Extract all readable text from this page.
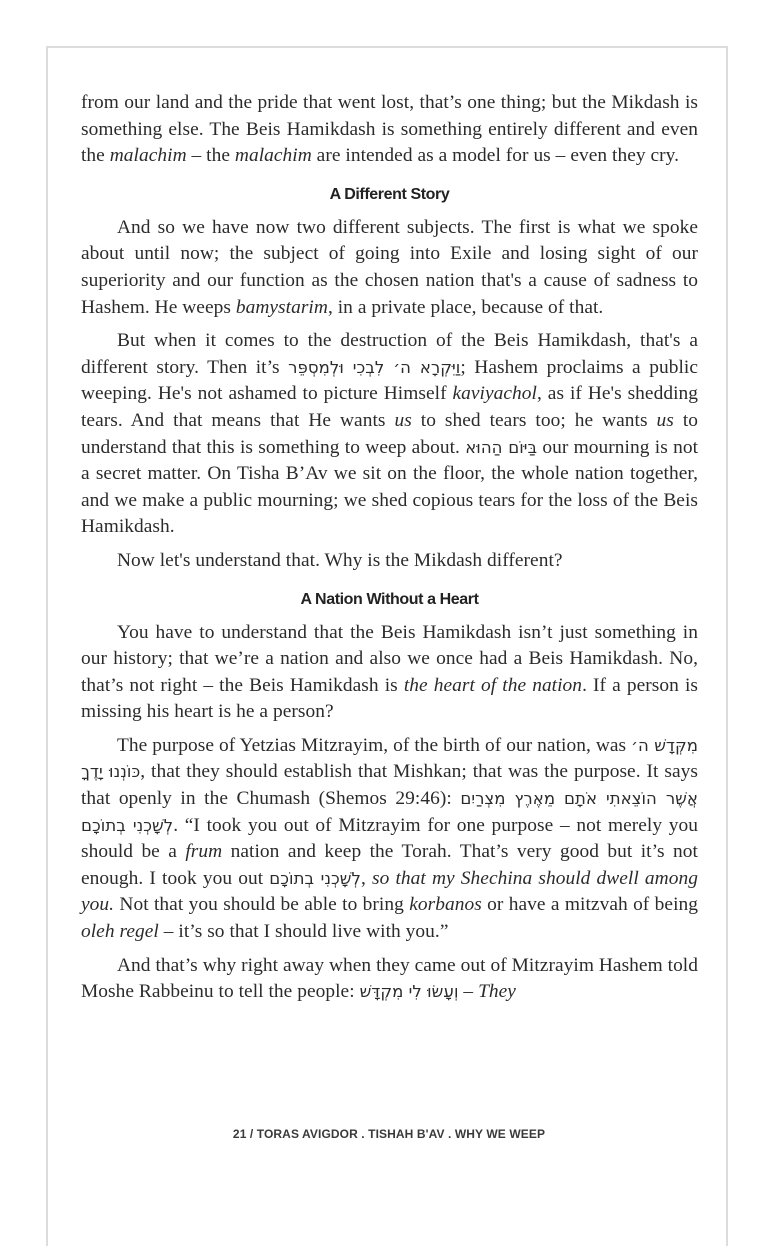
from our land and the pride that went lost, that’s one thing; but the Mikdash is something else. The Beis Hamikdash is something entirely different and even the malachim – the malachim are intended as a model for us – even they cry.

A Different Story

And so we have now two different subjects. The first is what we spoke about until now; the subject of going into Exile and losing sight of our superiority and our function as the chosen nation that's a cause of sadness to Hashem. He weeps bamystarim, in a private place, because of that.

But when it comes to the destruction of the Beis Hamikdash, that's a different story. Then it’s וַיִּקְרָא ה׳ לִבְכִי וּלְמִסְפֵּר; Hashem proclaims a public weeping. He's not ashamed to picture Himself kaviyachol, as if He's shedding tears. And that means that He wants us to shed tears too; he wants us to understand that this is something to weep about. בַּיּוֹם הַהוּא our mourning is not a secret matter. On Tisha B’Av we sit on the floor, the whole nation together, and we make a public mourning; we shed copious tears for the loss of the Beis Hamikdash.

Now let's understand that. Why is the Mikdash different?

A Nation Without a Heart

You have to understand that the Beis Hamikdash isn’t just something in our history; that we’re a nation and also we once had a Beis Hamikdash. No, that’s not right – the Beis Hamikdash is the heart of the nation. If a person is missing his heart is he a person?

The purpose of Yetzias Mitzrayim, of the birth of our nation, was מִקְּדָשׁ ה׳ כּוֹנְנוּ יָדֶךָ, that they should establish that Mishkan; that was the purpose. It says that openly in the Chumash (Shemos 29:46): אֲשֶׁר הוֹצֵאתִי אֹתָם מֵאֶרֶץ מִצְרַיִם לְשָׁכְנִי בְתוֹכָם. “I took you out of Mitzrayim for one purpose – not merely you should be a frum nation and keep the Torah. That’s very good but it’s not enough. I took you out לְשָׁכְנִי בְתוֹכָם, so that my Shechina should dwell among you. Not that you should be able to bring korbanos or have a mitzvah of being oleh regel – it’s so that I should live with you.”

And that’s why right away when they came out of Mitzrayim Hashem told Moshe Rabbeinu to tell the people: וְעָשׂוּ לִי מִקְדָּשׁ – They

21 / TORAS AVIGDOR . TISHAH B'AV . WHY WE WEEP
